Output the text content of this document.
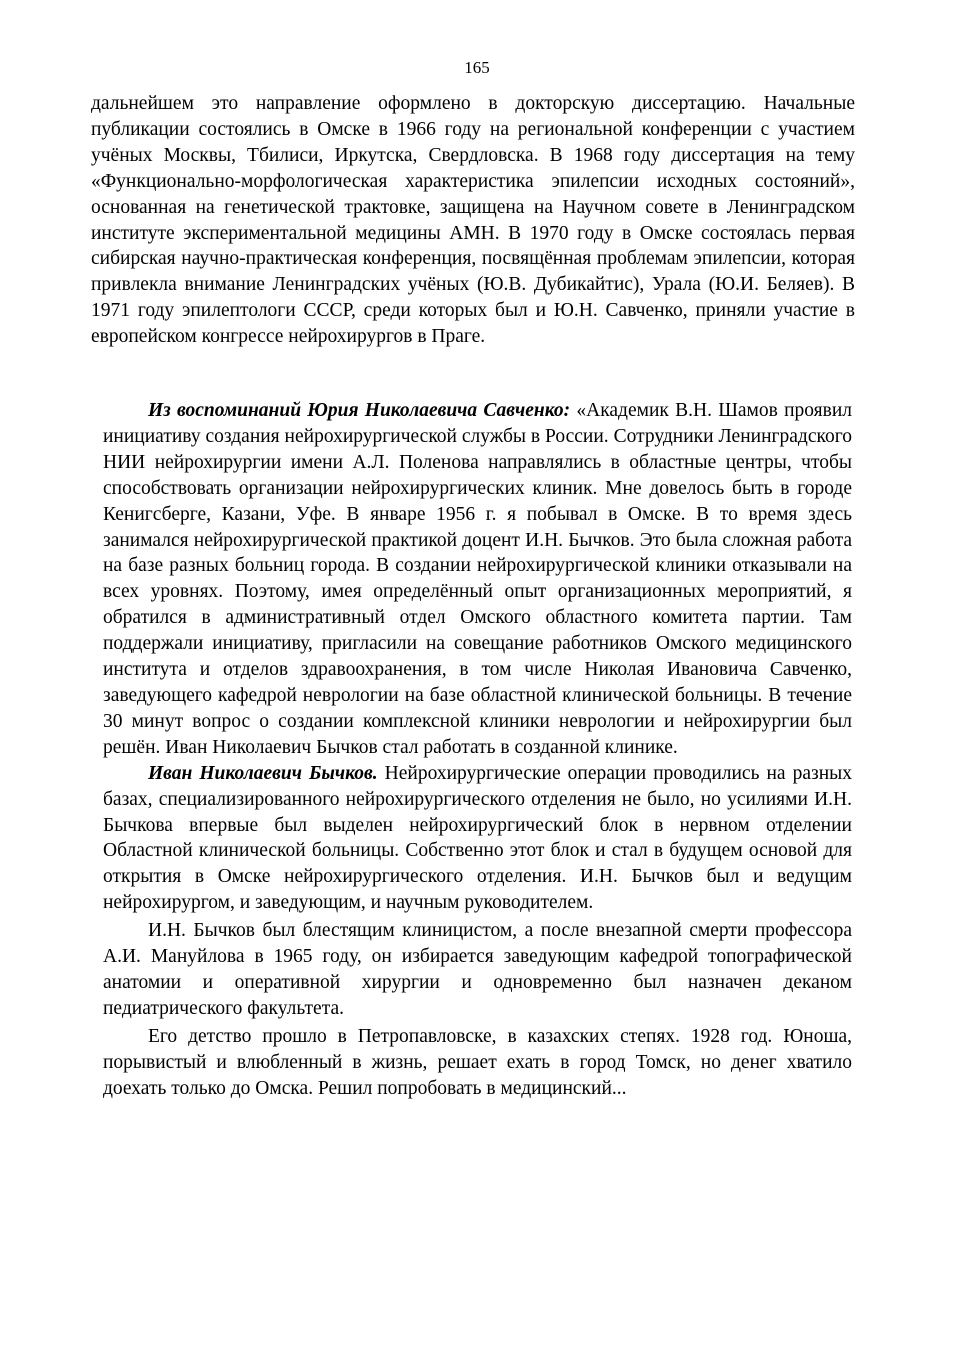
165

дальнейшем это направление оформлено в докторскую диссертацию. Начальные публикации состоялись в Омске в 1966 году на региональной конференции с участием учёных Москвы, Тбилиси, Иркутска, Свердловска. В 1968 году диссертация на тему «Функционально-морфологическая характеристика эпилепсии исходных состояний», основанная на генетической трактовке, защищена на Научном совете в Ленинградском институте экспериментальной медицины АМН. В 1970 году в Омске состоялась первая сибирская научно-практическая конференция, посвящённая проблемам эпилепсии, которая привлекла внимание Ленинградских учёных (Ю.В. Дубикайтис), Урала (Ю.И. Беляев). В 1971 году эпилептологи СССР, среди которых был и Ю.Н. Савченко, приняли участие в европейском конгрессе нейрохирургов в Праге.

Из воспоминаний Юрия Николаевича Савченко: «Академик В.Н. Шамов проявил инициативу создания нейрохирургической службы в России. Сотрудники Ленинградского НИИ нейрохирургии имени А.Л. Поленова направлялись в областные центры, чтобы способствовать организации нейрохирургических клиник. Мне довелось быть в городе Кенигсберге, Казани, Уфе. В январе 1956 г. я побывал в Омске. В то время здесь занимался нейрохирургической практикой доцент И.Н. Бычков. Это была сложная работа на базе разных больниц города. В создании нейрохирургической клиники отказывали на всех уровнях. Поэтому, имея определённый опыт организационных мероприятий, я обратился в административный отдел Омского областного комитета партии. Там поддержали инициативу, пригласили на совещание работников Омского медицинского института и отделов здравоохранения, в том числе Николая Ивановича Савченко, заведующего кафедрой неврологии на базе областной клинической больницы. В течение 30 минут вопрос о создании комплексной клиники неврологии и нейрохирургии был решён. Иван Николаевич Бычков стал работать в созданной клинике.

Иван Николаевич Бычков. Нейрохирургические операции проводились на разных базах, специализированного нейрохирургического отделения не было, но усилиями И.Н. Бычкова впервые был выделен нейрохирургический блок в нервном отделении Областной клинической больницы. Собственно этот блок и стал в будущем основой для открытия в Омске нейрохирургического отделения. И.Н. Бычков был и ведущим нейрохирургом, и заведующим, и научным руководителем.

И.Н. Бычков был блестящим клиницистом, а после внезапной смерти профессора А.И. Мануйлова в 1965 году, он избирается заведующим кафедрой топографической анатомии и оперативной хирургии и одновременно был назначен деканом педиатрического факультета.

Его детство прошло в Петропавловске, в казахских степях. 1928 год. Юноша, порывистый и влюбленный в жизнь, решает ехать в город Томск, но денег хватило доехать только до Омска. Решил попробовать в медицинский...
